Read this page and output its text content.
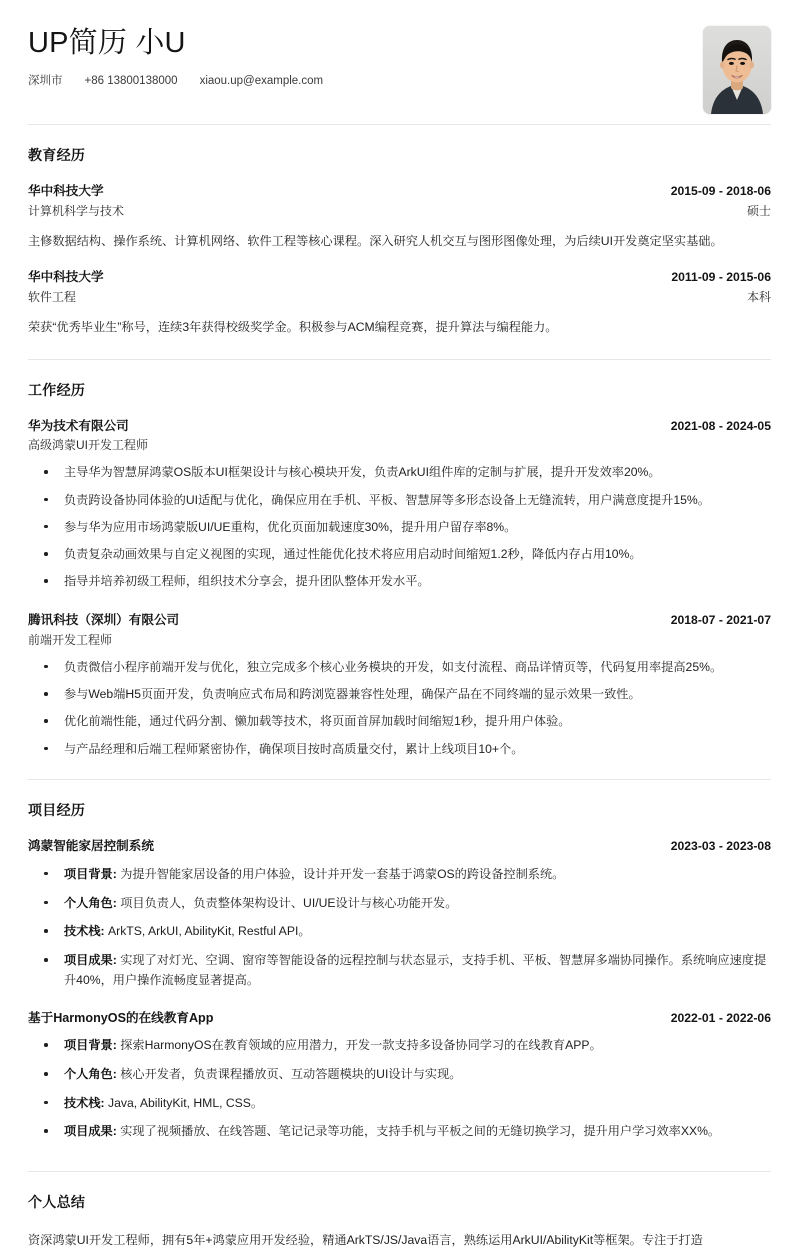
UP简历 小U
深圳市 +86 13800138000 xiaou.up@example.com
教育经历
华中科技大学	2015-09 - 2018-06
计算机科学与技术	硕士
主修数据结构、操作系统、计算机网络、软件工程等核心课程。深入研究人机交互与图形图像处理，为后续UI开发奠定坚实基础。
华中科技大学	2011-09 - 2015-06
软件工程	本科
荣获“优秀毕业生”称号，连续3年获得校级奖学金。积极参与ACM编程竞赛，提升算法与编程能力。
工作经历
华为技术有限公司	2021-08 - 2024-05
高级鸿蒙UI开发工程师
主导华为智慧屏鸿蒙OS版本UI框架设计与核心模块开发，负责ArkUI组件库的定制与扩展，提升开发效率20%。
负责跨设备协同体验的UI适配与优化，确保应用在手机、平板、智慧屏等多形态设备上无缝流转，用户满意度提升15%。
参与华为应用市场鸿蒙版UI/UE重构，优化页面加载速度30%，提升用户留存率8%。
负责复杂动画效果与自定义视图的实现，通过性能优化技术将应用启动时间缩短1.2秒，降低内存占用10%。
指导并培养初级工程师，组织技术分享会，提升团队整体开发水平。
腾讯科技（深圳）有限公司	2018-07 - 2021-07
前端开发工程师
负责微信小程序前端开发与优化，独立完成多个核心业务模块的开发，如支付流程、商品详情页等，代码复用率提高25%。
参与Web端H5页面开发，负责响应式布局和跨浏览器兼容性处理，确保产品在不同终端的显示效果一致性。
优化前端性能，通过代码分割、懒加载等技术，将页面首屏加载时间缩短1秒，提升用户体验。
与产品经理和后端工程师紧密协作，确保项目按时高质量交付，累计上线项目10+个。
项目经历
鸿蒙智能家居控制系统	2023-03 - 2023-08
项目背景: 为提升智能家居设备的用户体验，设计并开发一套基于鸿蒙OS的跨设备控制系统。
个人角色: 项目负责人，负责整体架构设计、UI/UE设计与核心功能开发。
技术栈: ArkTS, ArkUI, AbilityKit, Restful API。
项目成果: 实现了对灯光、空调、窗帘等智能设备的远程控制与状态显示，支持手机、平板、智慧屏多端协同操作。系统响应速度提升40%，用户操作流畅度显著提高。
基于HarmonyOS的在线教育App	2022-01 - 2022-06
项目背景: 探索HarmonyOS在教育领域的应用潜力，开发一款支持多设备协同学习的在线教育APP。
个人角色: 核心开发者，负责课程播放页、互动答题模块的UI设计与实现。
技术栈: Java, AbilityKit, HML, CSS。
项目成果: 实现了视频播放、在线答题、笔记记录等功能，支持手机与平板之间的无缝切换学习，提升用户学习效率XX%。
个人总结
资深鸿蒙UI开发工程师，拥有5年+鸿蒙应用开发经验，精通ArkTS/JS/Java语言，熟练运用ArkUI/AbilityKit等框架。专注于打造
